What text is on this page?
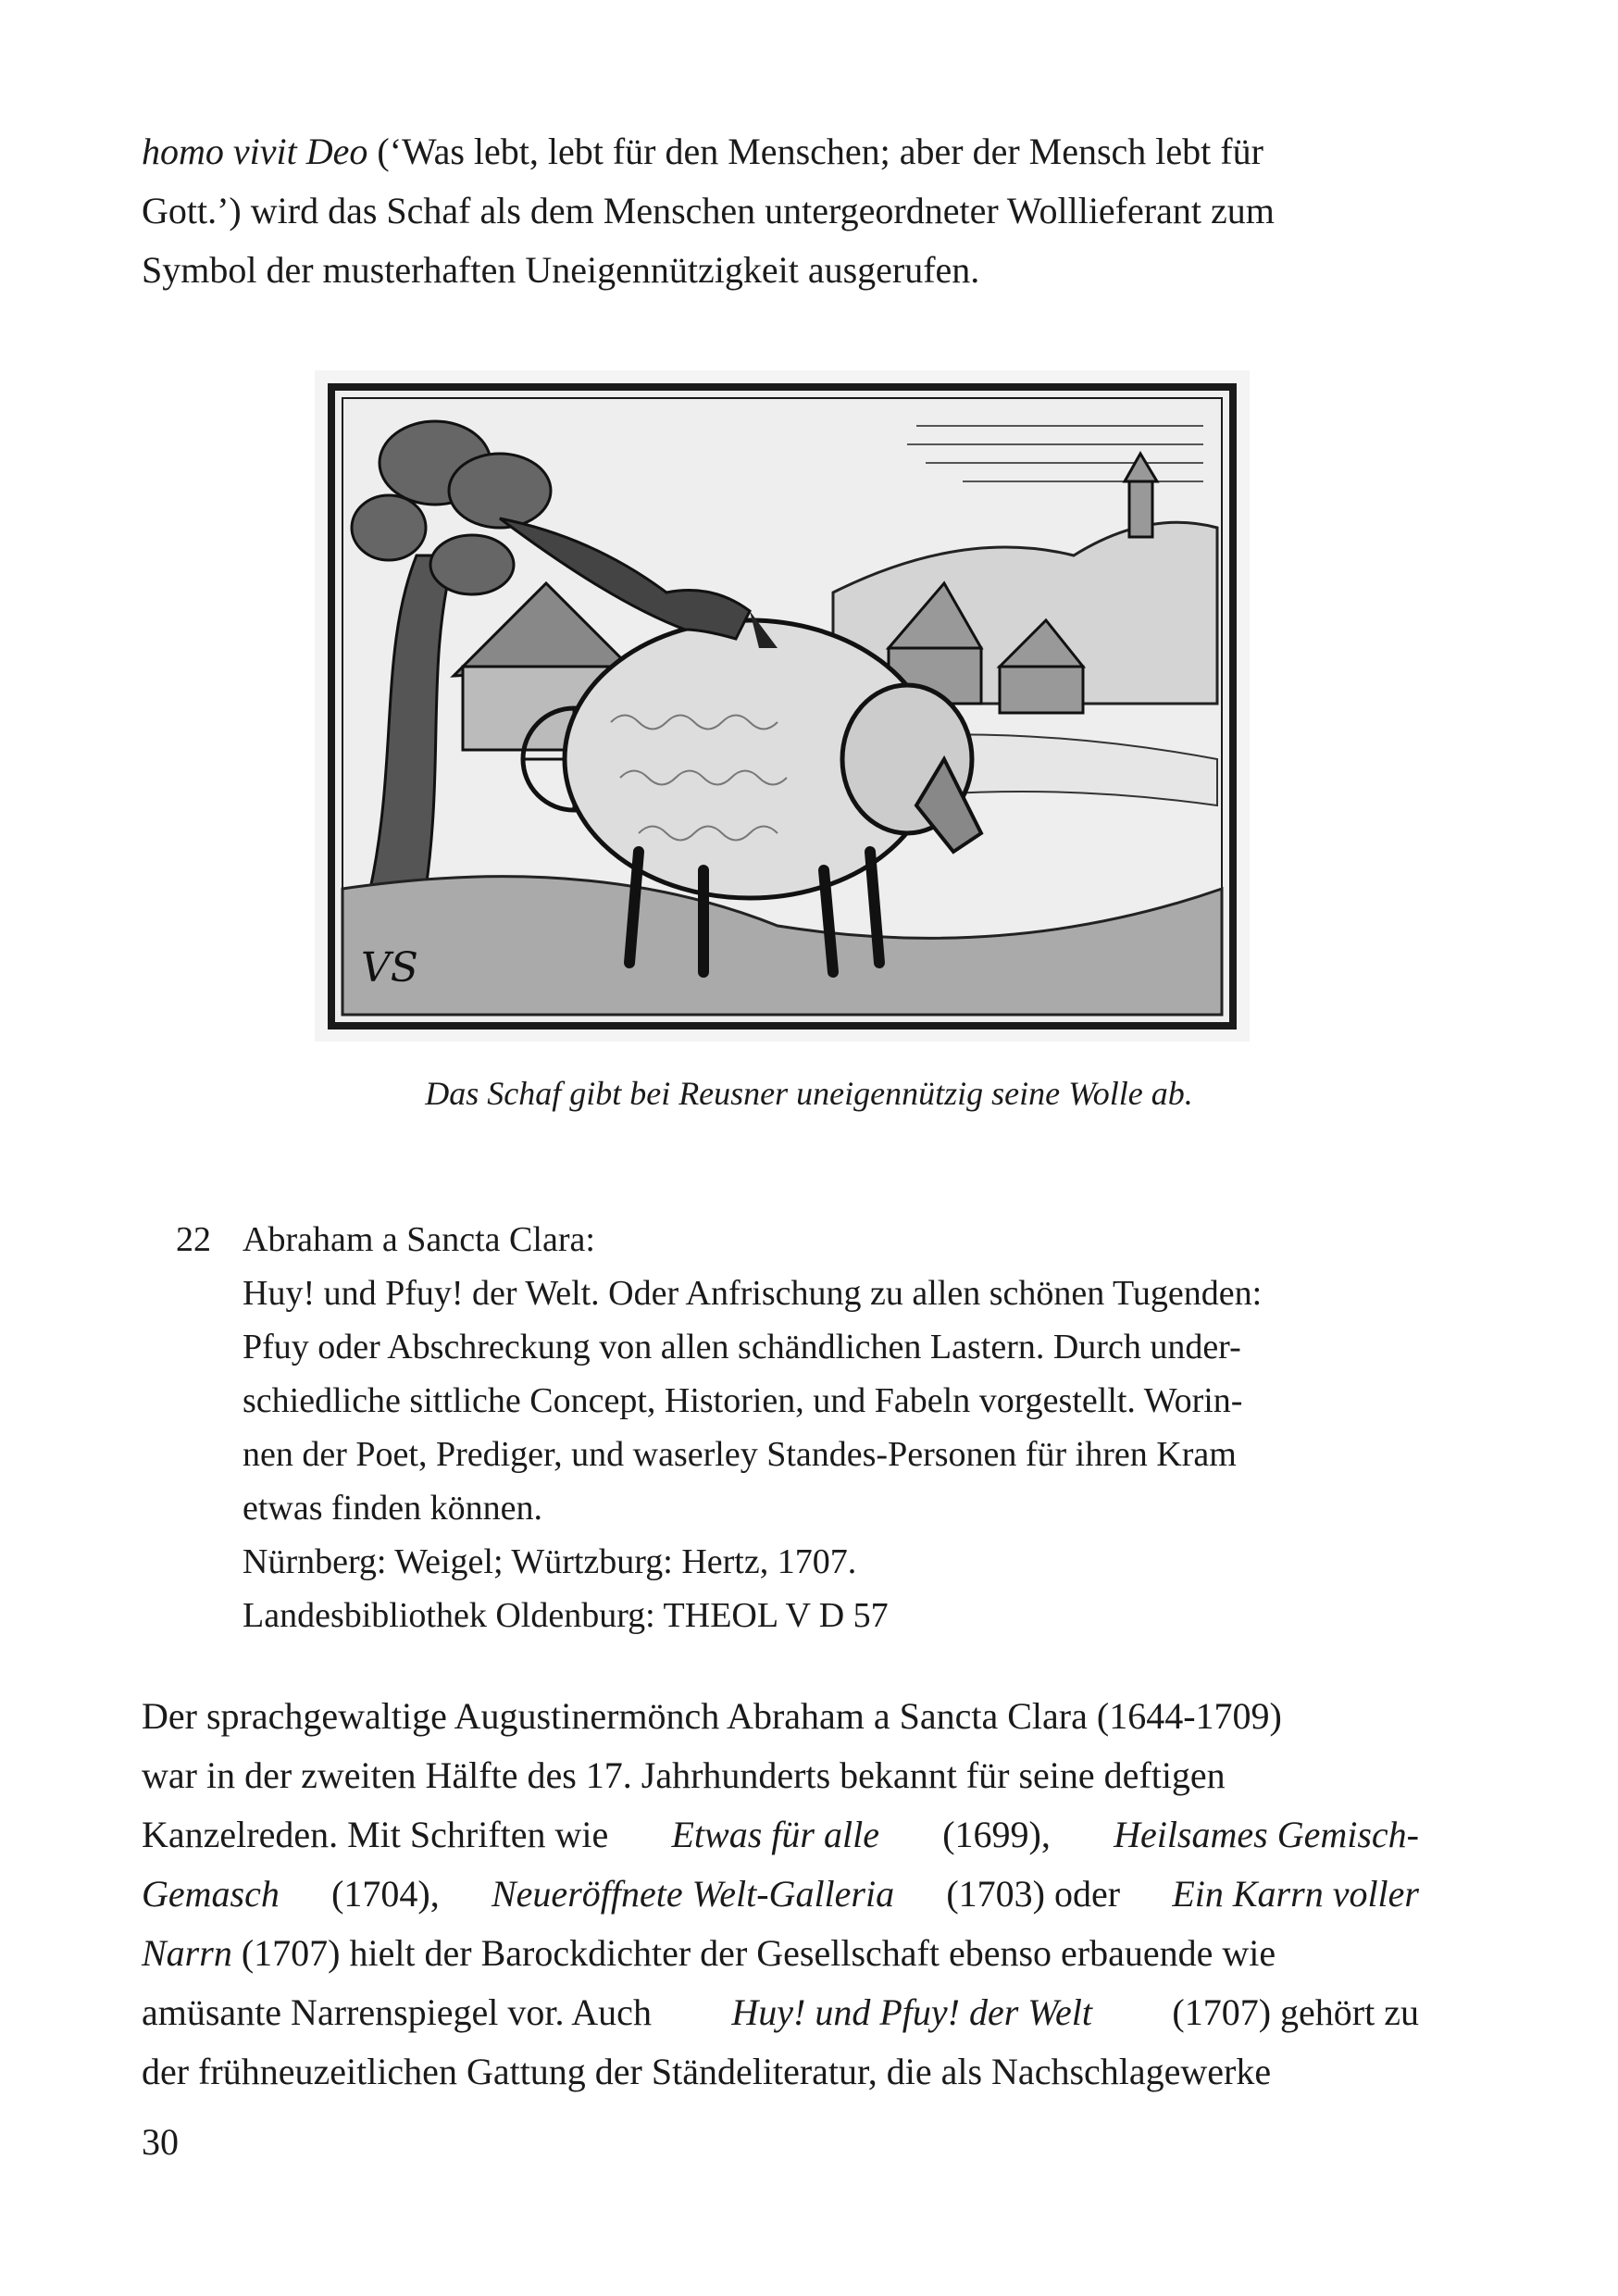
homo vivit Deo (‘Was lebt, lebt für den Menschen; aber der Mensch lebt für
Gott.’) wird das Schaf als dem Menschen untergeordneter Wolllieferant zum
Symbol der musterhaften Uneigennützigkeit ausgerufen.
VS
Das Schaf gibt bei Reusner uneigennützig seine Wolle ab.
22 Abraham a Sancta Clara:
Huy! und Pfuy! der Welt. Oder Anfrischung zu allen schönen Tugenden:
Pfuy oder Abschreckung von allen schändlichen Lastern. Durch under-
schiedliche sittliche Concept, Historien, und Fabeln vorgestellt. Worin-
nen der Poet, Prediger, und waserley Standes-Personen für ihren Kram
etwas finden können.
Nürnberg: Weigel; Würtzburg: Hertz, 1707.
Landesbibliothek Oldenburg: THEOL V D 57
Der sprachgewaltige Augustinermönch Abraham a Sancta Clara (1644-1709)
war in der zweiten Hälfte des 17. Jahrhunderts bekannt für seine deftigen
Kanzelreden. Mit Schriften wie Etwas für alle (1699), Heilsames Gemisch-
Gemasch (1704), Neueröffnete Welt-Galleria (1703) oder Ein Karrn voller
Narrn (1707) hielt der Barockdichter der Gesellschaft ebenso erbauende wie
amüsante Narrenspiegel vor. Auch Huy! und Pfuy! der Welt (1707) gehört zu
der frühneuzeitlichen Gattung der Ständeliteratur, die als Nachschlagewerke
30
